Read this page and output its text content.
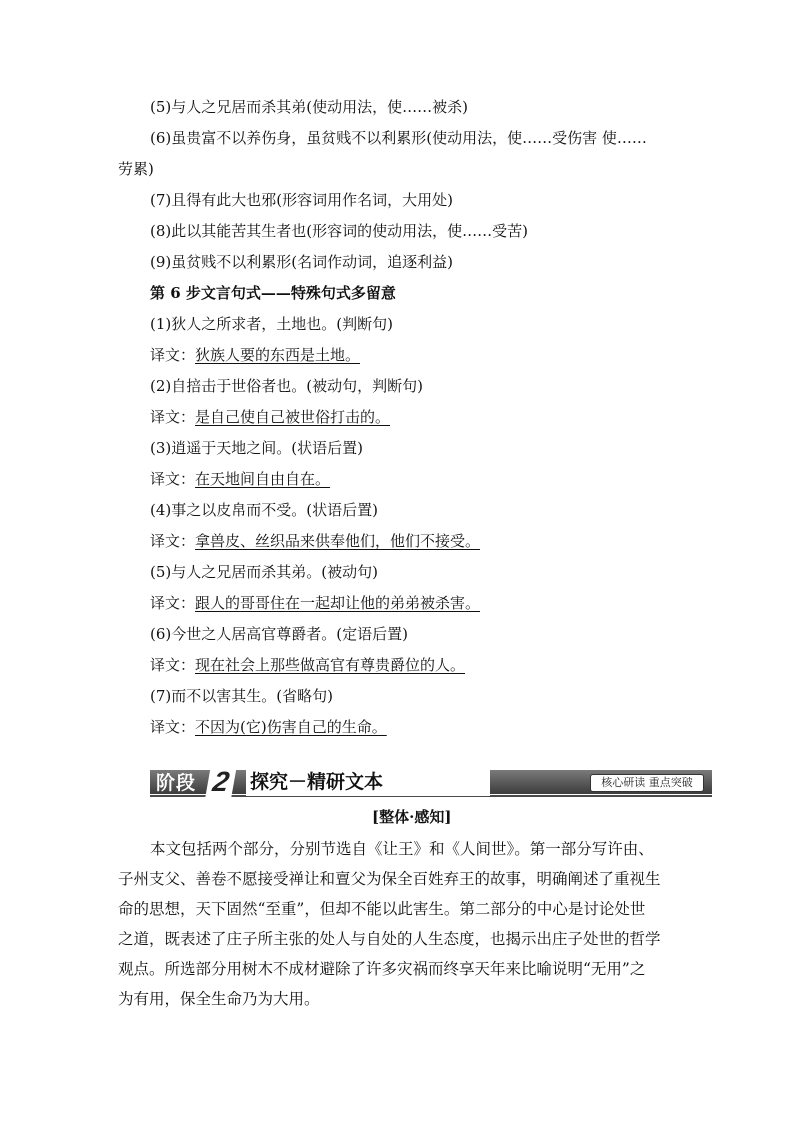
(5)与人之兄居而杀其弟(使动用法，使……被杀)
(6)虽贵富不以养伤身，虽贫贱不以利累形(使动用法，使……受伤害 使……
劳累)
(7)且得有此大也邪(形容词用作名词，大用处)
(8)此以其能苦其生者也(形容词的使动用法，使……受苦)
(9)虽贫贱不以利累形(名词作动词，追逐利益)
第 6 步文言句式——特殊句式多留意
(1)狄人之所求者，土地也。(判断句)
译文：狄族人要的东西是土地。
(2)自掊击于世俗者也。(被动句，判断句)
译文：是自己使自己被世俗打击的。
(3)逍遥于天地之间。(状语后置)
译文：在天地间自由自在。
(4)事之以皮帛而不受。(状语后置)
译文：拿兽皮、丝织品来供奉他们，他们不接受。
(5)与人之兄居而杀其弟。(被动句)
译文：跟人的哥哥住在一起却让他的弟弟被杀害。
(6)今世之人居高官尊爵者。(定语后置)
译文：现在社会上那些做高官有尊贵爵位的人。
(7)而不以害其生。(省略句)
译文：不因为(它)伤害自己的生命。
阶段 2 探究－精研文本	核心研读 重点突破
[整体·感知]
本文包括两个部分，分别节选自《让王》和《人间世》。第一部分写许由、
子州支父、善卷不愿接受禅让和亶父为保全百姓弃王的故事，明确阐述了重视生
命的思想，天下固然“至重”，但却不能以此害生。第二部分的中心是讨论处世
之道，既表述了庄子所主张的处人与自处的人生态度，也揭示出庄子处世的哲学
观点。所选部分用树木不成材避除了许多灾祸而终享天年来比喻说明“无用”之
为有用，保全生命乃为大用。
